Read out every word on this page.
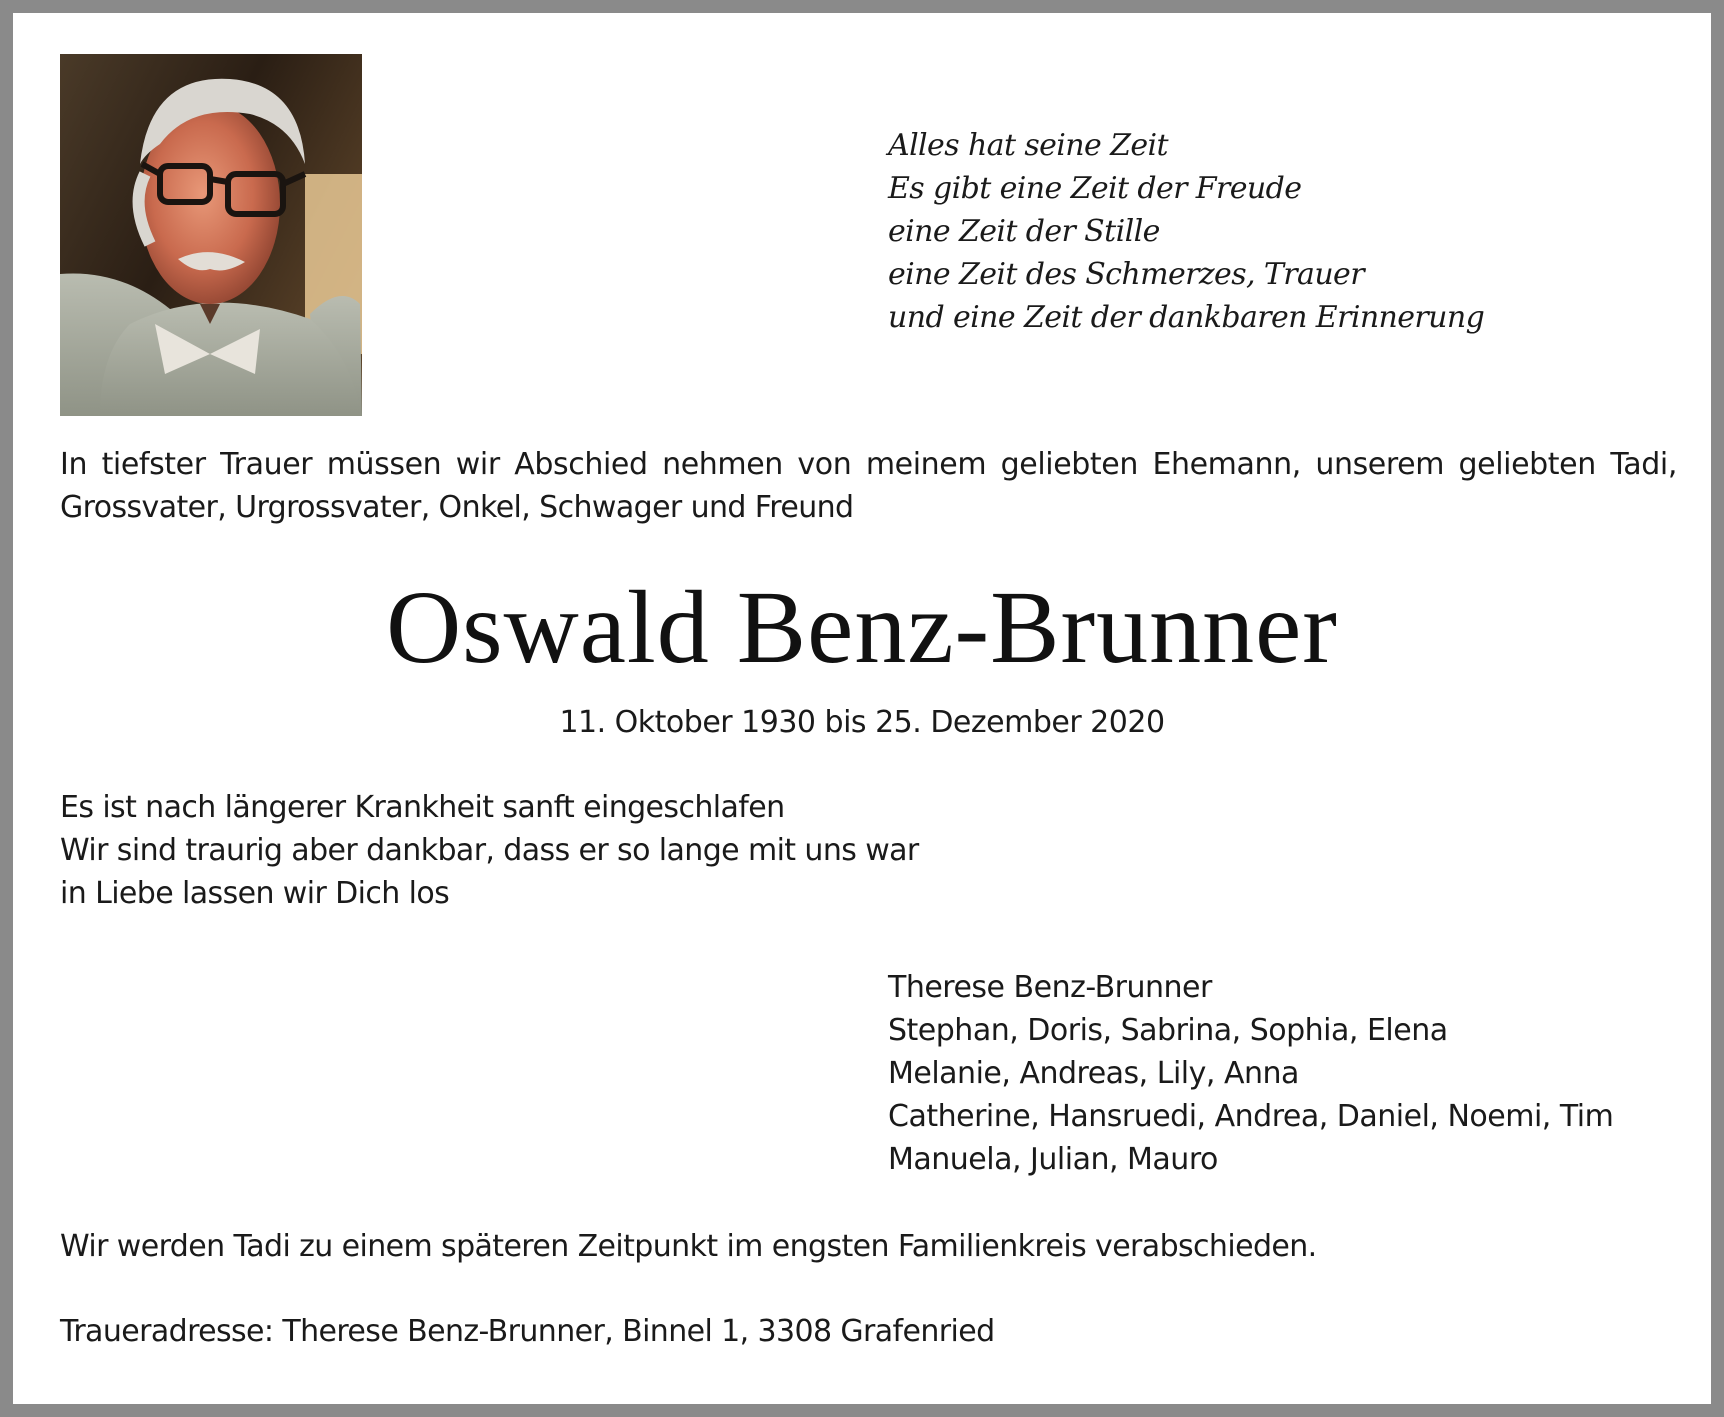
Alles hat seine Zeit
Es gibt eine Zeit der Freude
eine Zeit der Stille
eine Zeit des Schmerzes, Trauer
und eine Zeit der dankbaren Erinnerung
In tiefster Trauer müssen wir Abschied nehmen von meinem geliebten Ehemann, unserem geliebten Tadi,
Grossvater, Urgrossvater, Onkel, Schwager und Freund
Oswald Benz-Brunner
11. Oktober 1930 bis 25. Dezember 2020
Es ist nach längerer Krankheit sanft eingeschlafen
Wir sind traurig aber dankbar, dass er so lange mit uns war
in Liebe lassen wir Dich los
Therese Benz-Brunner
Stephan, Doris, Sabrina, Sophia, Elena
Melanie, Andreas, Lily, Anna
Catherine, Hansruedi, Andrea, Daniel, Noemi, Tim
Manuela, Julian, Mauro
Wir werden Tadi zu einem späteren Zeitpunkt im engsten Familienkreis verabschieden.
Traueradresse: Therese Benz-Brunner, Binnel 1, 3308 Grafenried
